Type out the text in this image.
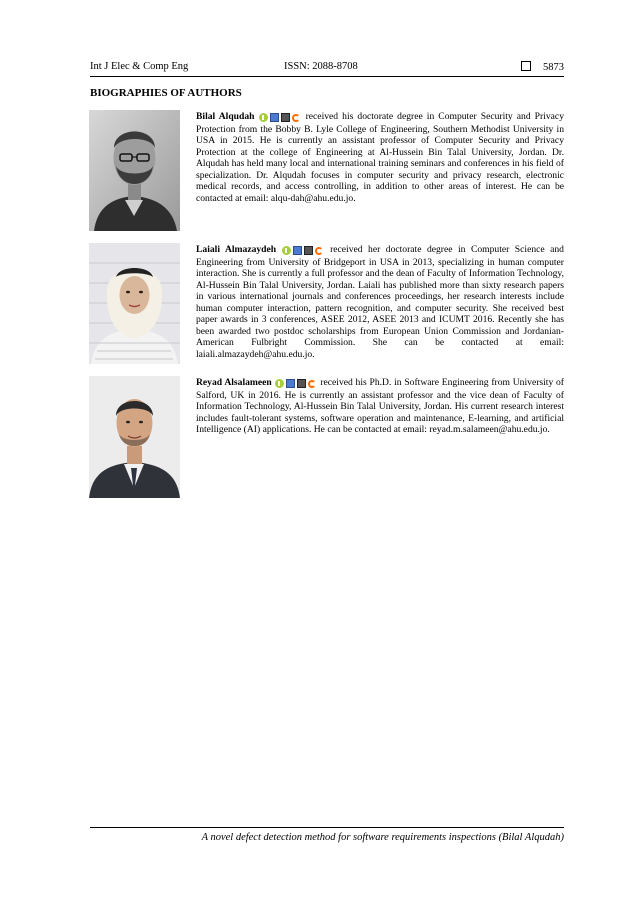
Int J Elec & Comp Eng	ISSN: 2088-8708	5873
BIOGRAPHIES OF AUTHORS
Bilal Alqudah	received his doctorate degree in Computer Security and Privacy Protection from the Bobby B. Lyle College of Engineering, Southern Methodist University in USA in 2015. He is currently an assistant professor of Computer Security and Privacy Protection at the college of Engineering at Al-Hussein Bin Talal University, Jordan. Dr. Alqudah has held many local and international training seminars and conferences in his field of specialization. Dr. Alqudah focuses in computer security and privacy research, electronic medical records, and access controlling, in addition to other areas of interest. He can be contacted at email: alqu-dah@ahu.edu.jo.
Laiali Almazaydeh	received her doctorate degree in Computer Science and Engineering from University of Bridgeport in USA in 2013, specializing in human computer interaction. She is currently a full professor and the dean of Faculty of Information Technology, Al-Hussein Bin Talal University, Jordan. Laiali has published more than sixty research papers in various international journals and conferences proceedings, her research interests include human computer interaction, pattern recognition, and computer security. She received best paper awards in 3 conferences, ASEE 2012, ASEE 2013 and ICUMT 2016. Recently she has been awarded two postdoc scholarships from European Union Commission and Jordanian-American Fulbright Commission. She can be contacted at email: laiali.almazaydeh@ahu.edu.jo.
Reyad Alsalameen	received his Ph.D. in Software Engineering from University of Salford, UK in 2016. He is currently an assistant professor and the vice dean of Faculty of Information Technology, Al-Hussein Bin Talal University, Jordan. His current research interest includes fault-tolerant systems, software operation and maintenance, E-learning, and artificial Intelligence (AI) applications. He can be contacted at email: reyad.m.salameen@ahu.edu.jo.
A novel defect detection method for software requirements inspections (Bilal Alqudah)
